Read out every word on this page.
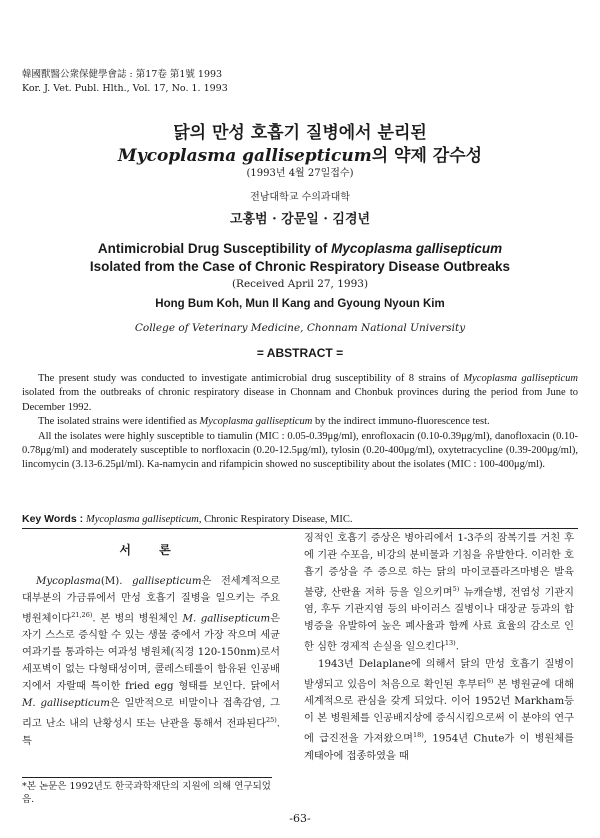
韓國獸醫公衆保健學會誌 : 第17卷 第1號 1993
Kor. J. Vet. Publ. Hlth., Vol. 17, No. 1. 1993
닭의 만성 호흡기 질병에서 분리된
Mycoplasma gallisepticum의 약제 감수성
(1993년 4월 27일접수)
전남대학교 수의과대학
고홍범 · 강문일 · 김경년
Antimicrobial Drug Susceptibility of Mycoplasma gallisepticum
Isolated from the Case of Chronic Respiratory Disease Outbreaks
(Received April 27, 1993)
Hong Bum Koh, Mun Il Kang and Gyoung Nyoun Kim
College of Veterinary Medicine, Chonnam National University
= ABSTRACT =

The present study was conducted to investigate antimicrobial drug susceptibility of 8 strains of Mycoplasma gallisepticum isolated from the outbreaks of chronic respiratory disease in Chonnam and Chonbuk provinces during the period from June to December 1992.

The isolated strains were identified as Mycoplasma gallisepticum by the indirect immuno-fluorescence test.

All the isolates were highly susceptible to tiamulin (MIC : 0.05-0.39μg/ml), enrofloxacin (0.10-0.39μg/ml), danofloxacin (0.10-0.78μg/ml) and moderately susceptible to norfloxacin (0.20-12.5μg/ml), tylosin (0.20-400μg/ml), oxytetracycline (0.39-200μg/ml), lincomycin (3.13-6.25μl/ml). Ka-namycin and rifampicin showed no susceptibility about the isolates (MIC : 100-400μg/ml).

Key Words : Mycoplasma gallisepticum, Chronic Respiratory Disease, MIC.
서 론

Mycoplasma(M). gallisepticum은 전세계적으로 대부분의 가금류에서 만성 호흡기 질병을 일으키는 주요 병원체이다$^{21,26)}$. 본 병의 병원체인 M. gallisepticum은 자기 스스로 증식할 수 있는 생물 중에서 가장 작으며 세균 여과기를 통과하는 여과성 병원체(직경 120-150nm)로서 세포벽이 없는 다형태성이며, 콜레스테롤이 함유된 인공배지에서 자랄때 특이한 fried egg 형태를 보인다. 닭에서 M. gallisepticum은 일반적으로 비말이나 접촉감염, 그리고 난소 내의 난황성시 또는 난관을 통해서 전파된다$^{25)}$. 특

*본 논문은 1992년도 한국과학재단의 지원에 의해 연구되었음.

징적인 호흡기 증상은 병아리에서 1-3주의 잠복기를 거친 후에 기관 수포음, 비강의 분비물과 기침을 유발한다. 이러한 호흡기 증상을 주 증으로 하는 닭의 마이코플라즈마병은 발육 불량, 산란율 저하 등을 일으키며$^{5)}$ 뉴캐슬병, 전염성 기관지염, 후두 기관지염 등의 바이러스 질병이나 대장균 등과의 합병증을 유발하여 높은 폐사율과 함께 사료 효율의 감소로 인한 심한 경제적 손실을 일으킨다$^{13)}$.

1943년 Delaplane에 의해서 닭의 만성 호흡기 질병이 발생되고 있음이 처음으로 확인된 후부터$^{6)}$ 본 병원균에 대해 세계적으로 관심을 갖게 되었다. 이어 1952년 Markham등이 본 병원체를 인공배지상에 증식시킴으로써 이 분야의 연구에 급진전을 가져왔으며$^{18)}$, 1954년 Chute가 이 병원체를 계태아에 접종하였을 때

-63-
